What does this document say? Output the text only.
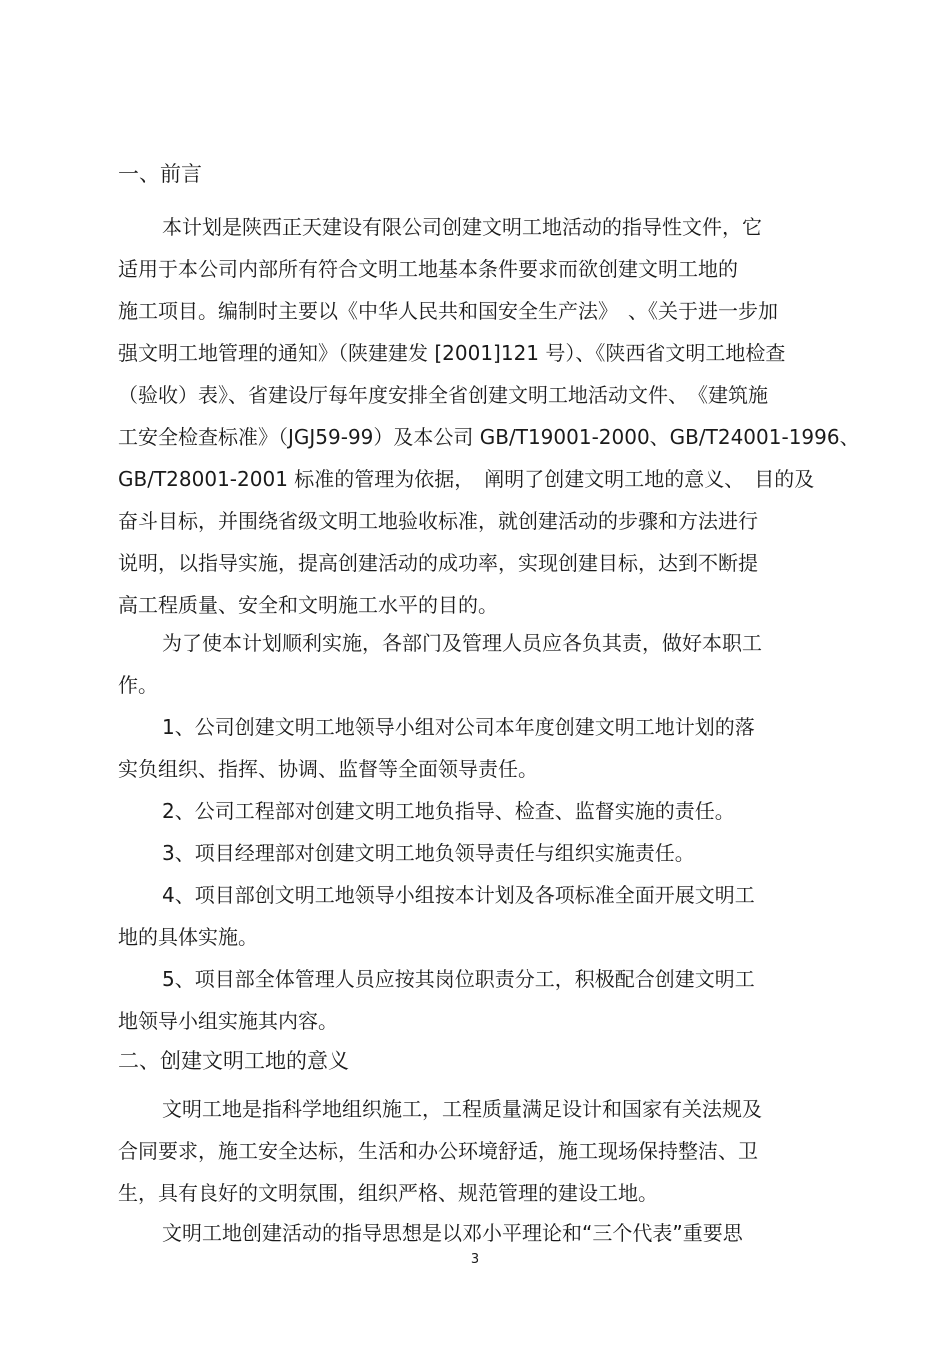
一、前言

本计划是陕西正天建设有限公司创建文明工地活动的指导性文件，它

适用于本公司内部所有符合文明工地基本条件要求而欲创建文明工地的

施工项目。编制时主要以《中华人民共和国安全生产法》　、《关于进一步加

强文明工地管理的通知》（陕建建发 [2001]121 号）、《陕西省文明工地检查

（验收）表》、省建设厅每年度安排全省创建文明工地活动文件、　《建筑施

工安全检查标准》（JGJ59-99）及本公司 GB/T19001-2000、GB/T24001-1996、

GB/T28001-2001 标准的管理为依据，　阐明了创建文明工地的意义、　目的及

奋斗目标，并围绕省级文明工地验收标准，就创建活动的步骤和方法进行

说明，以指导实施，提高创建活动的成功率，实现创建目标，达到不断提

高工程质量、安全和文明施工水平的目的。

为了使本计划顺利实施，各部门及管理人员应各负其责，做好本职工

作。

1、公司创建文明工地领导小组对公司本年度创建文明工地计划的落

实负组织、指挥、协调、监督等全面领导责任。

2、公司工程部对创建文明工地负指导、检查、监督实施的责任。

3、项目经理部对创建文明工地负领导责任与组织实施责任。

4、项目部创文明工地领导小组按本计划及各项标准全面开展文明工

地的具体实施。

5、项目部全体管理人员应按其岗位职责分工，积极配合创建文明工

地领导小组实施其内容。

二、创建文明工地的意义

文明工地是指科学地组织施工，工程质量满足设计和国家有关法规及

合同要求，施工安全达标，生活和办公环境舒适，施工现场保持整洁、卫

生，具有良好的文明氛围，组织严格、规范管理的建设工地。

文明工地创建活动的指导思想是以邓小平理论和“三个代表”重要思

3
